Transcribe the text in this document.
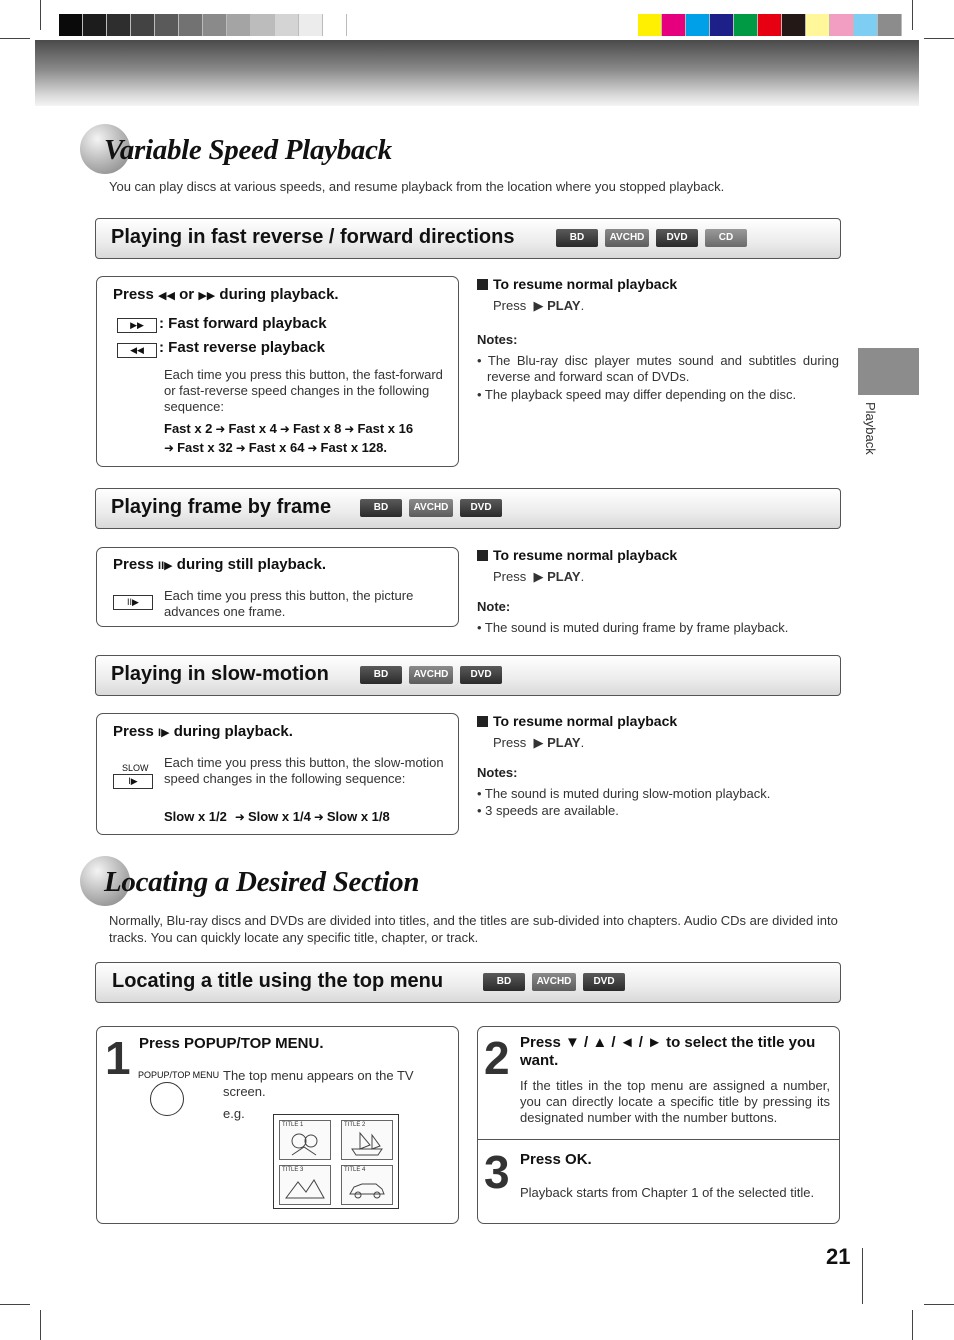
Playback
Variable Speed Playback
You can play discs at various speeds, and resume playback from the location where you stopped playback.
Playing in fast reverse / forward directions	BD	AVCHD	DVD	CD
Press ◀◀ or ▶▶ during playback.
▶▶	: Fast forward playback
◀◀	: Fast reverse playback
Each time you press this button, the fast-forward or fast-reverse speed changes in the following sequence:
Fast x 2 ➜ Fast x 4 ➜ Fast x 8 ➜ Fast x 16
➜ Fast x 32 ➜ Fast x 64 ➜ Fast x 128.
To resume normal playback
Press ▶ PLAY.
Notes:
• The Blu-ray disc player mutes sound and subtitles during reverse and forward scan of DVDs.
• The playback speed may differ depending on the disc.
Playing frame by frame	BD	AVCHD	DVD
Press II▶ during still playback.
II▶	Each time you press this button, the picture advances one frame.
To resume normal playback
Press ▶ PLAY.
Note:
• The sound is muted during frame by frame playback.
Playing in slow-motion	BD	AVCHD	DVD
Press I▶ during playback.
SLOW
I▶
Each time you press this button, the slow-motion speed changes in the following sequence:
Slow x 1/2 ➜ Slow x 1/4 ➜ Slow x 1/8
To resume normal playback
Press ▶ PLAY.
Notes:
• The sound is muted during slow-motion playback.
• 3 speeds are available.
Locating a Desired Section
Normally, Blu-ray discs and DVDs are divided into titles, and the titles are sub-divided into chapters. Audio CDs are divided into tracks. You can quickly locate any specific title, chapter, or track.
Locating a title using the top menu	BD	AVCHD	DVD
1 Press POPUP/TOP MENU.
POPUP/TOP MENU The top menu appears on the TV screen.
e.g.
TITLE 1	TITLE 2
TITLE 3	TITLE 4
2 Press ▼ / ▲ / ◄ / ► to select the title you want.
If the titles in the top menu are assigned a number, you can directly locate a specific title by pressing its designated number with the number buttons.
3 Press OK.
Playback starts from Chapter 1 of the selected title.
21
